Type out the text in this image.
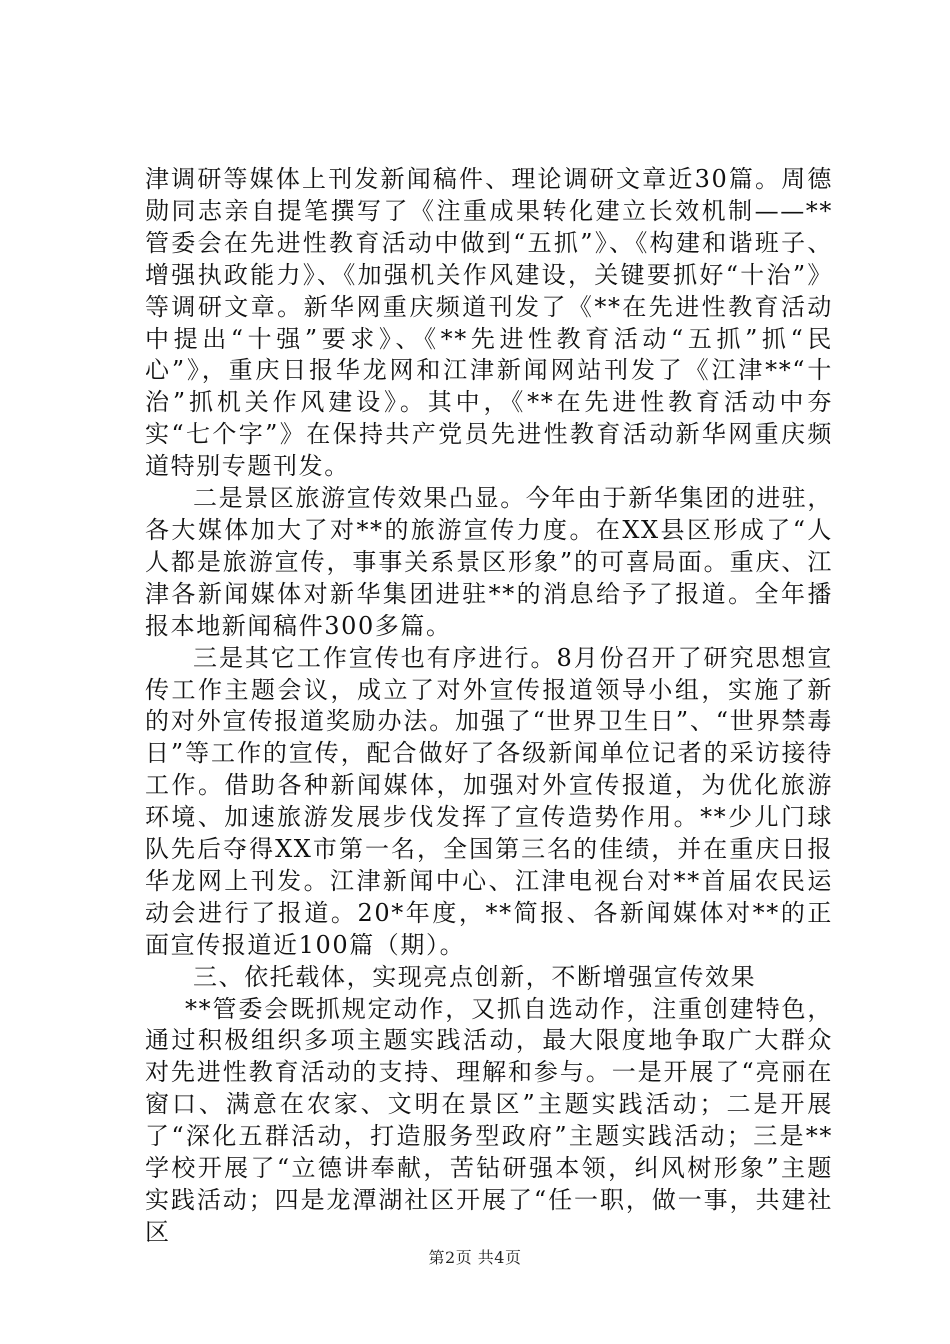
津调研等媒体上刊发新闻稿件、理论调研文章近30篇。周德勋同志亲自提笔撰写了《注重成果转化建立长效机制——**管委会在先进性教育活动中做到“五抓”》、《构建和谐班子、增强执政能力》、《加强机关作风建设，关键要抓好“十治”》等调研文章。新华网重庆频道刊发了《**在先进性教育活动中提出“十强”要求》、《**先进性教育活动“五抓”抓“民心”》，重庆日报华龙网和江津新闻网站刊发了《江津**“十治”抓机关作风建设》。其中，《**在先进性教育活动中夯实“七个字”》在保持共产党员先进性教育活动新华网重庆频道特别专题刊发。

二是景区旅游宣传效果凸显。今年由于新华集团的进驻，各大媒体加大了对**的旅游宣传力度。在XX县区形成了“人人都是旅游宣传，事事关系景区形象”的可喜局面。重庆、江津各新闻媒体对新华集团进驻**的消息给予了报道。全年播报本地新闻稿件300多篇。

三是其它工作宣传也有序进行。8月份召开了研究思想宣传工作主题会议，成立了对外宣传报道领导小组，实施了新的对外宣传报道奖励办法。加强了“世界卫生日”、“世界禁毒日”等工作的宣传，配合做好了各级新闻单位记者的采访接待工作。借助各种新闻媒体，加强对外宣传报道，为优化旅游环境、加速旅游发展步伐发挥了宣传造势作用。**少儿门球队先后夺得XX市第一名，全国第三名的佳绩，并在重庆日报华龙网上刊发。江津新闻中心、江津电视台对**首届农民运动会进行了报道。20*年度，**简报、各新闻媒体对**的正面宣传报道近100篇（期）。

三、依托载体，实现亮点创新，不断增强宣传效果

**管委会既抓规定动作，又抓自选动作，注重创建特色，通过积极组织多项主题实践活动，最大限度地争取广大群众对先进性教育活动的支持、理解和参与。一是开展了“亮丽在窗口、满意在农家、文明在景区”主题实践活动；二是开展了“深化五群活动，打造服务型政府”主题实践活动；三是**学校开展了“立德讲奉献，苦钻研强本领，纠风树形象”主题实践活动；四是龙潭湖社区开展了“任一职，做一事，共建社区

第2页 共4页
